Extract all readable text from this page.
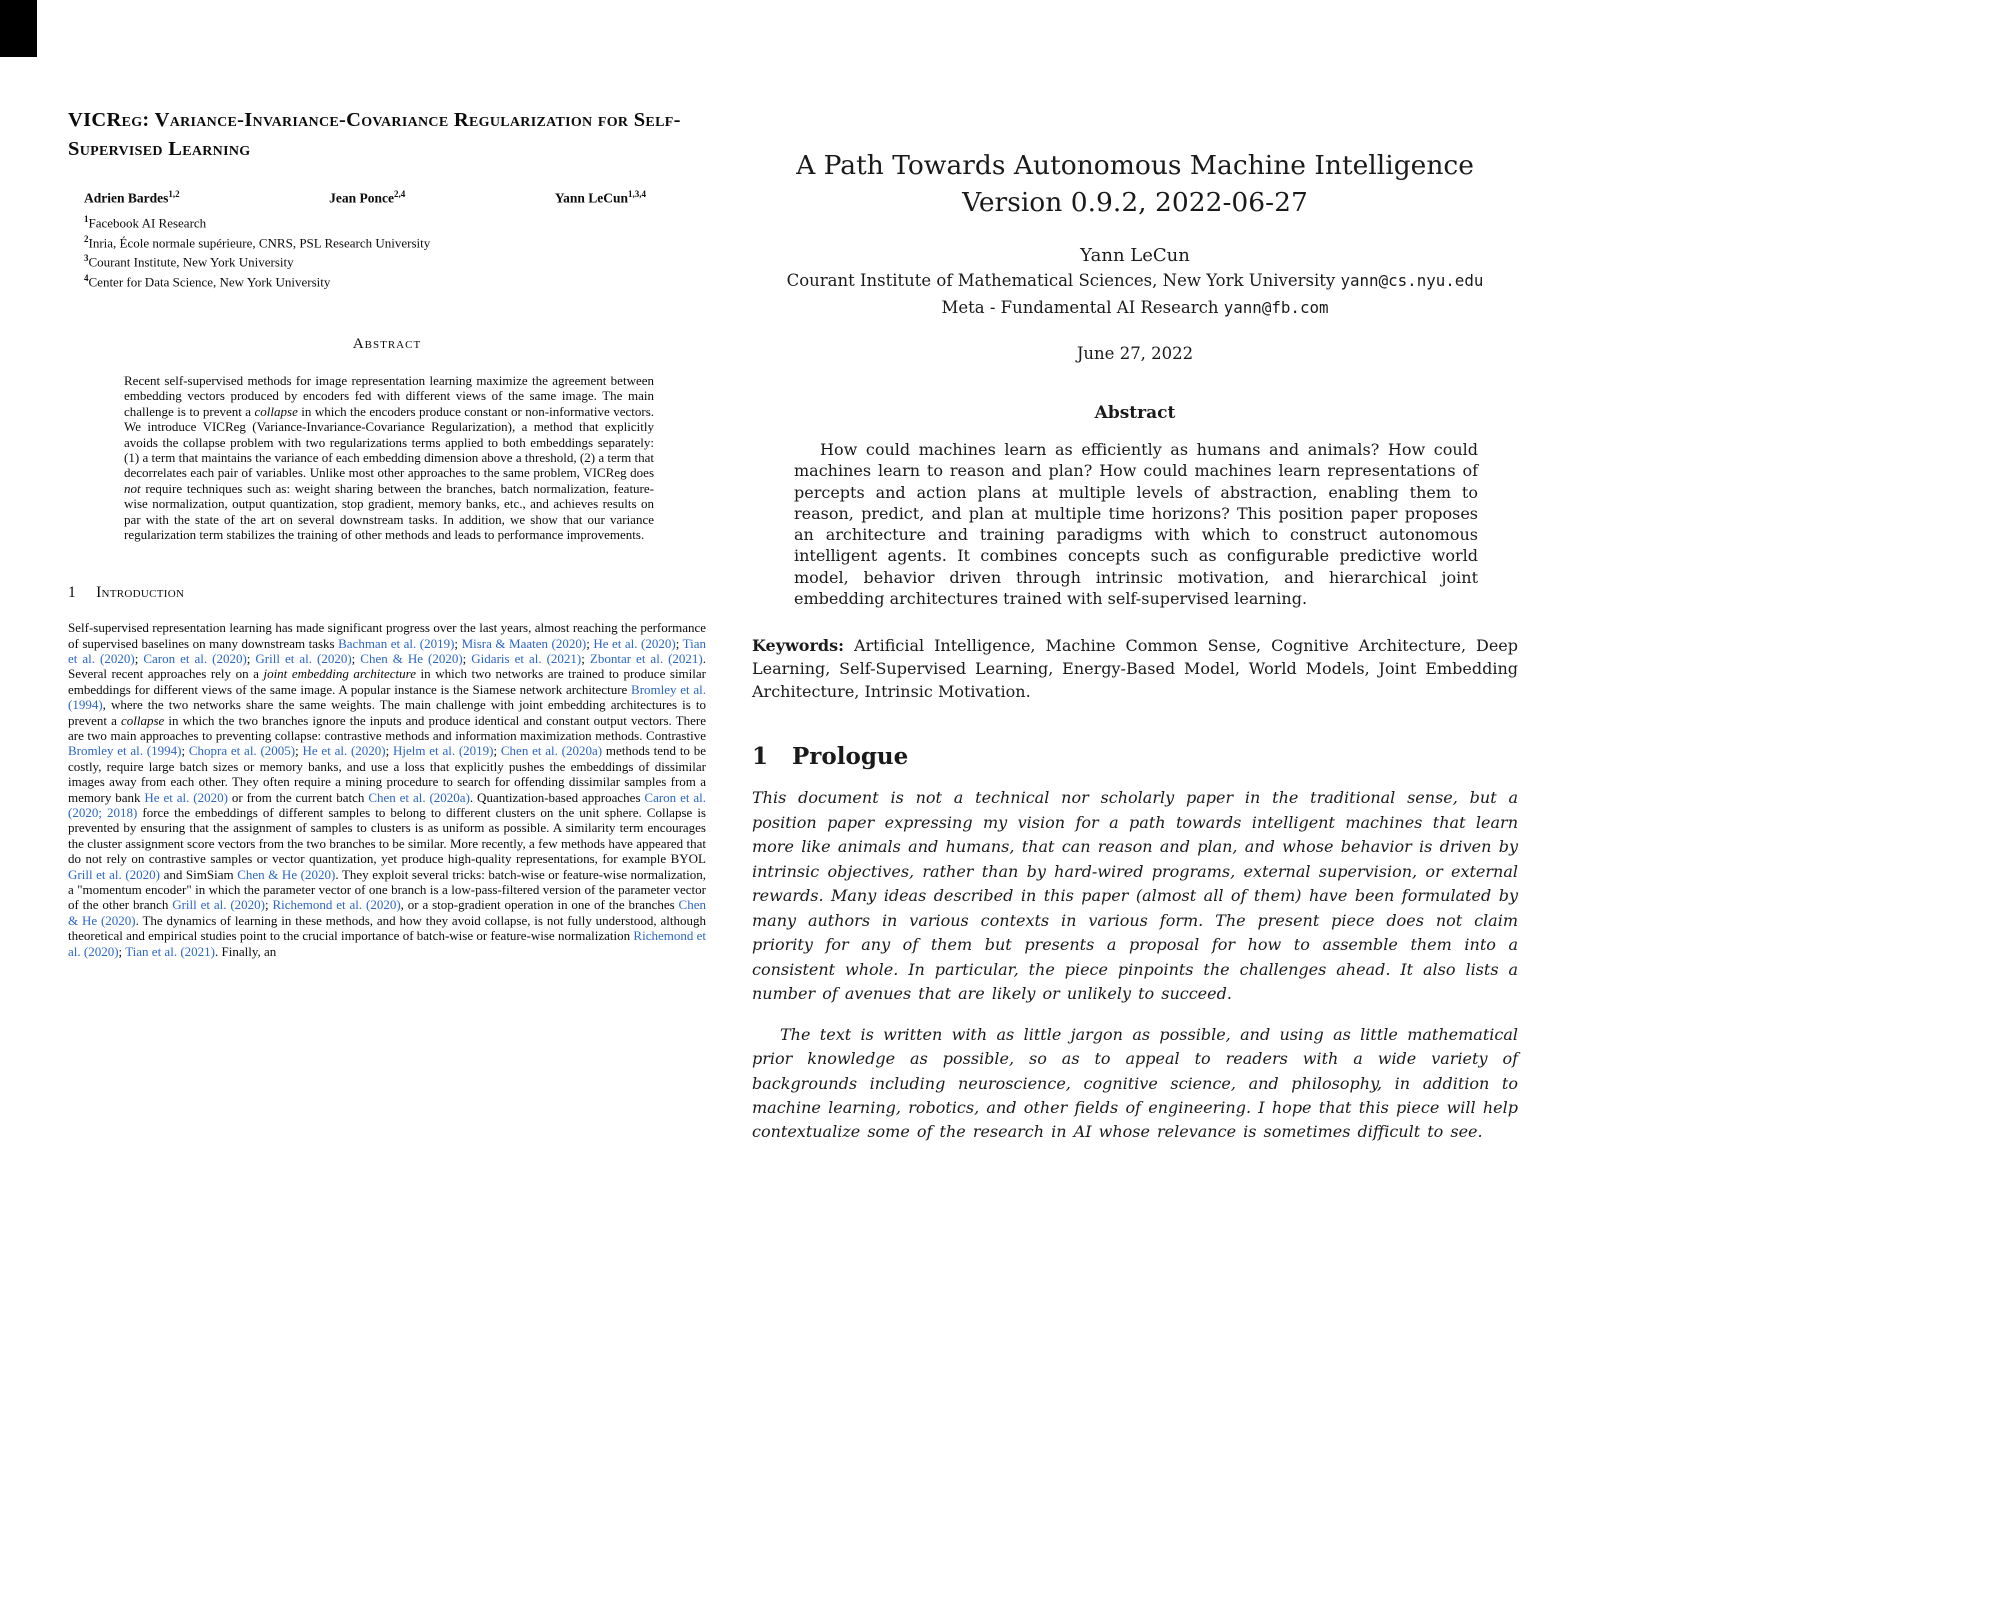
VICReg: Variance-Invariance-Covariance Regularization for Self-Supervised Learning
Adrien Bardes$^{1,2}$	Jean Ponce$^{2,4}$	Yann LeCun$^{1,3,4}$
$^1$Facebook AI Research
$^2$Inria, École normale supérieure, CNRS, PSL Research University
$^3$Courant Institute, New York University
$^4$Center for Data Science, New York University
Abstract
Recent self-supervised methods for image representation learning maximize the agreement between embedding vectors produced by encoders fed with different views of the same image. The main challenge is to prevent a collapse in which the encoders produce constant or non-informative vectors. We introduce VICReg (Variance-Invariance-Covariance Regularization), a method that explicitly avoids the collapse problem with two regularizations terms applied to both embeddings separately: (1) a term that maintains the variance of each embedding dimension above a threshold, (2) a term that decorrelates each pair of variables. Unlike most other approaches to the same problem, VICReg does not require techniques such as: weight sharing between the branches, batch normalization, feature-wise normalization, output quantization, stop gradient, memory banks, etc., and achieves results on par with the state of the art on several downstream tasks. In addition, we show that our variance regularization term stabilizes the training of other methods and leads to performance improvements.
1 Introduction
Self-supervised representation learning has made significant progress over the last years, almost reaching the performance of supervised baselines on many downstream tasks Bachman et al. (2019); Misra & Maaten (2020); He et al. (2020); Tian et al. (2020); Caron et al. (2020); Grill et al. (2020); Chen & He (2020); Gidaris et al. (2021); Zbontar et al. (2021). Several recent approaches rely on a joint embedding architecture in which two networks are trained to produce similar embeddings for different views of the same image. A popular instance is the Siamese network architecture Bromley et al. (1994), where the two networks share the same weights. The main challenge with joint embedding architectures is to prevent a collapse in which the two branches ignore the inputs and produce identical and constant output vectors. There are two main approaches to preventing collapse: contrastive methods and information maximization methods. Contrastive Bromley et al. (1994); Chopra et al. (2005); He et al. (2020); Hjelm et al. (2019); Chen et al. (2020a) methods tend to be costly, require large batch sizes or memory banks, and use a loss that explicitly pushes the embeddings of dissimilar images away from each other. They often require a mining procedure to search for offending dissimilar samples from a memory bank He et al. (2020) or from the current batch Chen et al. (2020a). Quantization-based approaches Caron et al. (2020; 2018) force the embeddings of different samples to belong to different clusters on the unit sphere. Collapse is prevented by ensuring that the assignment of samples to clusters is as uniform as possible. A similarity term encourages the cluster assignment score vectors from the two branches to be similar. More recently, a few methods have appeared that do not rely on contrastive samples or vector quantization, yet produce high-quality representations, for example BYOL Grill et al. (2020) and SimSiam Chen & He (2020). They exploit several tricks: batch-wise or feature-wise normalization, a "momentum encoder" in which the parameter vector of one branch is a low-pass-filtered version of the parameter vector of the other branch Grill et al. (2020); Richemond et al. (2020), or a stop-gradient operation in one of the branches Chen & He (2020). The dynamics of learning in these methods, and how they avoid collapse, is not fully understood, although theoretical and empirical studies point to the crucial importance of batch-wise or feature-wise normalization Richemond et al. (2020); Tian et al. (2021). Finally, an
A Path Towards Autonomous Machine Intelligence
Version 0.9.2, 2022-06-27
Yann LeCun
Courant Institute of Mathematical Sciences, New York University yann@cs.nyu.edu
Meta - Fundamental AI Research yann@fb.com
June 27, 2022
Abstract
How could machines learn as efficiently as humans and animals? How could machines learn to reason and plan? How could machines learn representations of percepts and action plans at multiple levels of abstraction, enabling them to reason, predict, and plan at multiple time horizons? This position paper proposes an architecture and training paradigms with which to construct autonomous intelligent agents. It combines concepts such as configurable predictive world model, behavior driven through intrinsic motivation, and hierarchical joint embedding architectures trained with self-supervised learning.
Keywords: Artificial Intelligence, Machine Common Sense, Cognitive Architecture, Deep Learning, Self-Supervised Learning, Energy-Based Model, World Models, Joint Embedding Architecture, Intrinsic Motivation.
1 Prologue

This document is not a technical nor scholarly paper in the traditional sense, but a position paper expressing my vision for a path towards intelligent machines that learn more like animals and humans, that can reason and plan, and whose behavior is driven by intrinsic objectives, rather than by hard-wired programs, external supervision, or external rewards. Many ideas described in this paper (almost all of them) have been formulated by many authors in various contexts in various form. The present piece does not claim priority for any of them but presents a proposal for how to assemble them into a consistent whole. In particular, the piece pinpoints the challenges ahead. It also lists a number of avenues that are likely or unlikely to succeed.

The text is written with as little jargon as possible, and using as little mathematical prior knowledge as possible, so as to appeal to readers with a wide variety of backgrounds including neuroscience, cognitive science, and philosophy, in addition to machine learning, robotics, and other fields of engineering. I hope that this piece will help contextualize some of the research in AI whose relevance is sometimes difficult to see.
